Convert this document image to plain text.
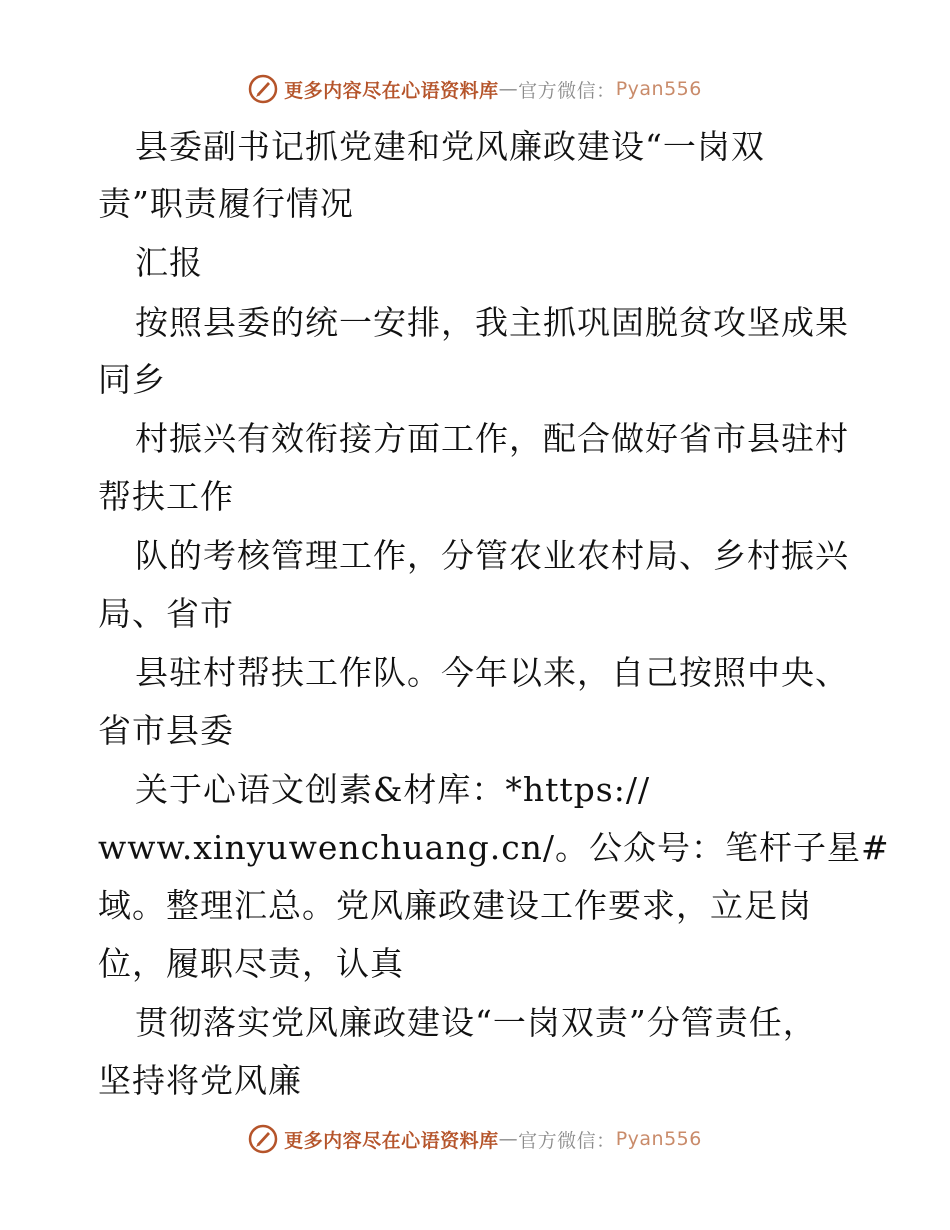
更多内容尽在心语资料库 — 官方微信： Pyan556
县委副书记抓党建和党风廉政建设“一岗双
责”职责履行情况
汇报
按照县委的统一安排，我主抓巩固脱贫攻坚成果
同乡
村振兴有效衔接方面工作，配合做好省市县驻村
帮扶工作
队的考核管理工作，分管农业农村局、乡村振兴
局、省市
县驻村帮扶工作队。今年以来，自己按照中央、
省市县委
关于心语文创素&材库：*https://
www.xinyuwenchuang.cn/。公众号：笔杆子星#
域。整理汇总。党风廉政建设工作要求，立足岗
位，履职尽责，认真
贯彻落实党风廉政建设“一岗双责”分管责任，
坚持将党风廉
更多内容尽在心语资料库 — 官方微信： Pyan556
